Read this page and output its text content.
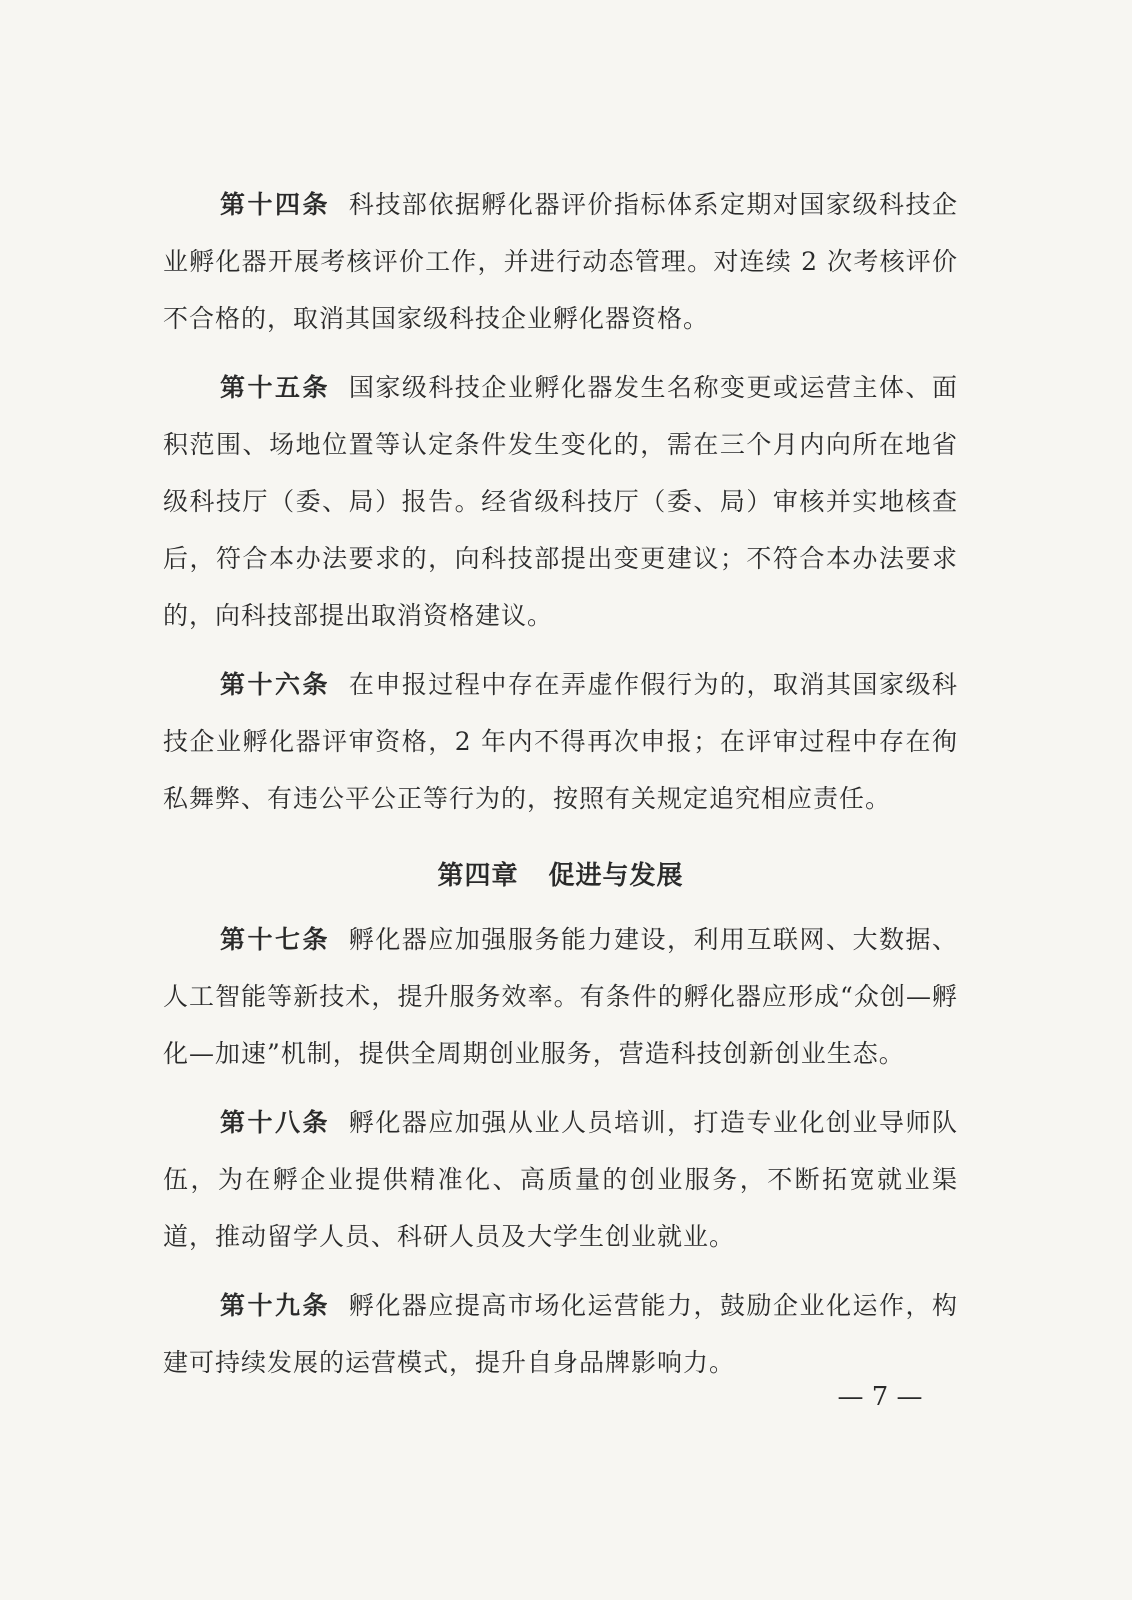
第十四条 科技部依据孵化器评价指标体系定期对国家级科技企业孵化器开展考核评价工作，并进行动态管理。对连续 2 次考核评价不合格的，取消其国家级科技企业孵化器资格。

第十五条 国家级科技企业孵化器发生名称变更或运营主体、面积范围、场地位置等认定条件发生变化的，需在三个月内向所在地省级科技厅（委、局）报告。经省级科技厅（委、局）审核并实地核查后，符合本办法要求的，向科技部提出变更建议；不符合本办法要求的，向科技部提出取消资格建议。

第十六条 在申报过程中存在弄虚作假行为的，取消其国家级科技企业孵化器评审资格，2 年内不得再次申报；在评审过程中存在徇私舞弊、有违公平公正等行为的，按照有关规定追究相应责任。

第四章 促进与发展

第十七条 孵化器应加强服务能力建设，利用互联网、大数据、人工智能等新技术，提升服务效率。有条件的孵化器应形成“众创—孵化—加速”机制，提供全周期创业服务，营造科技创新创业生态。

第十八条 孵化器应加强从业人员培训，打造专业化创业导师队伍，为在孵企业提供精准化、高质量的创业服务，不断拓宽就业渠道，推动留学人员、科研人员及大学生创业就业。

第十九条 孵化器应提高市场化运营能力，鼓励企业化运作，构建可持续发展的运营模式，提升自身品牌影响力。

— 7 —
